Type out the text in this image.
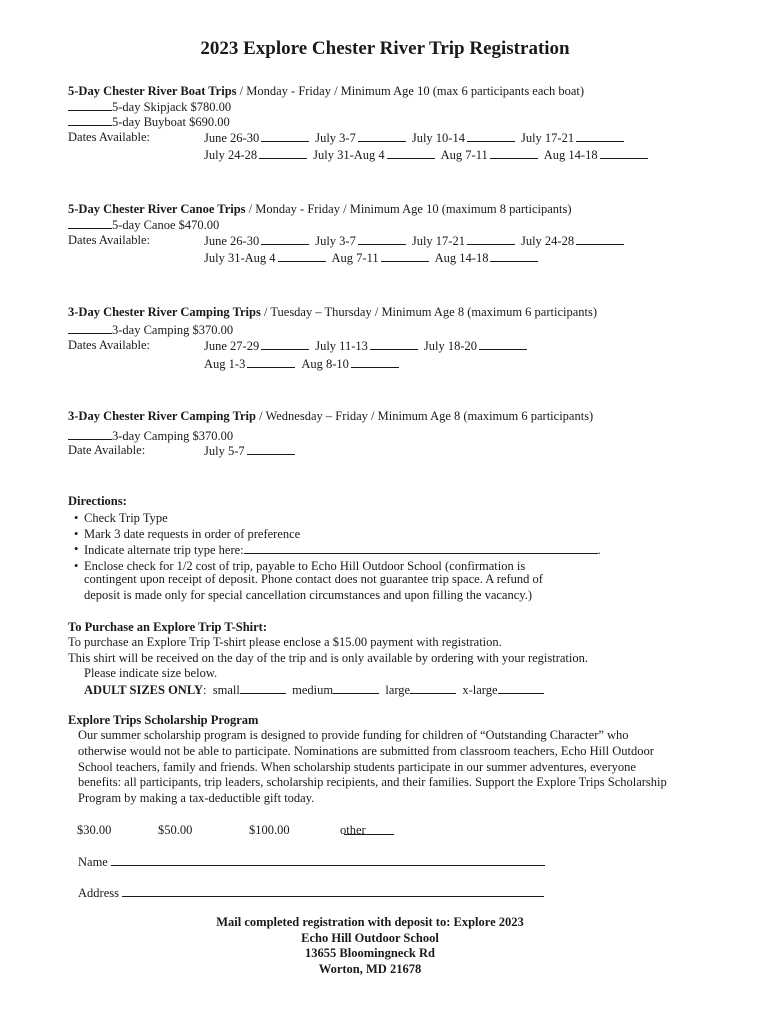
2023 Explore Chester River Trip Registration
5-Day Chester River Boat Trips / Monday - Friday / Minimum Age 10 (max 6 participants each boat)
5-day Skipjack $780.00
5-day Buyboat $690.00
Dates Available:	June 26-30	July 3-7	July 10-14	July 17-21
July 24-28	July 31-Aug 4	Aug 7-11	Aug 14-18
5-Day Chester River Canoe Trips / Monday - Friday / Minimum Age 10 (maximum 8 participants)
5-day Canoe $470.00
Dates Available:	June 26-30	July 3-7	July 17-21	July 24-28
July 31-Aug 4	Aug 7-11	Aug 14-18
3-Day Chester River Camping Trips / Tuesday – Thursday / Minimum Age 8 (maximum 6 participants)
3-day Camping $370.00
Dates Available:	June 27-29	July 11-13	July 18-20
Aug 1-3	Aug 8-10
3-Day Chester River Camping Trip / Wednesday – Friday / Minimum Age 8 (maximum 6 participants)
3-day Camping $370.00
Date Available:	July 5-7
Directions:
• Check Trip Type
• Mark 3 date requests in order of preference
• Indicate alternate trip type here:	.
• Enclose check for 1/2 cost of trip, payable to Echo Hill Outdoor School (confirmation is
contingent upon receipt of deposit. Phone contact does not guarantee trip space. A refund of
deposit is made only for special cancellation circumstances and upon filling the vacancy.)
To Purchase an Explore Trip T-Shirt:
To purchase an Explore Trip T-shirt please enclose a $15.00 payment with registration.
This shirt will be received on the day of the trip and is only available by ordering with your registration.
Please indicate size below.
ADULT SIZES ONLY:  small	medium	large	x-large
Explore Trips Scholarship Program
Our summer scholarship program is designed to provide funding for children of “Outstanding Character” who otherwise would not be able to participate. Nominations are submitted from classroom teachers, Echo Hill Outdoor School teachers, family and friends. When scholarship students participate in our summer adventures, everyone benefits: all participants, trip leaders, scholarship recipients, and their families. Support the Explore Trips Scholarship Program by making a tax-deductible gift today.
$30.00	$50.00	$100.00	other
Name
Address
Mail completed registration with deposit to: Explore 2023
Echo Hill Outdoor School
13655 Bloomingneck Rd
Worton, MD 21678
